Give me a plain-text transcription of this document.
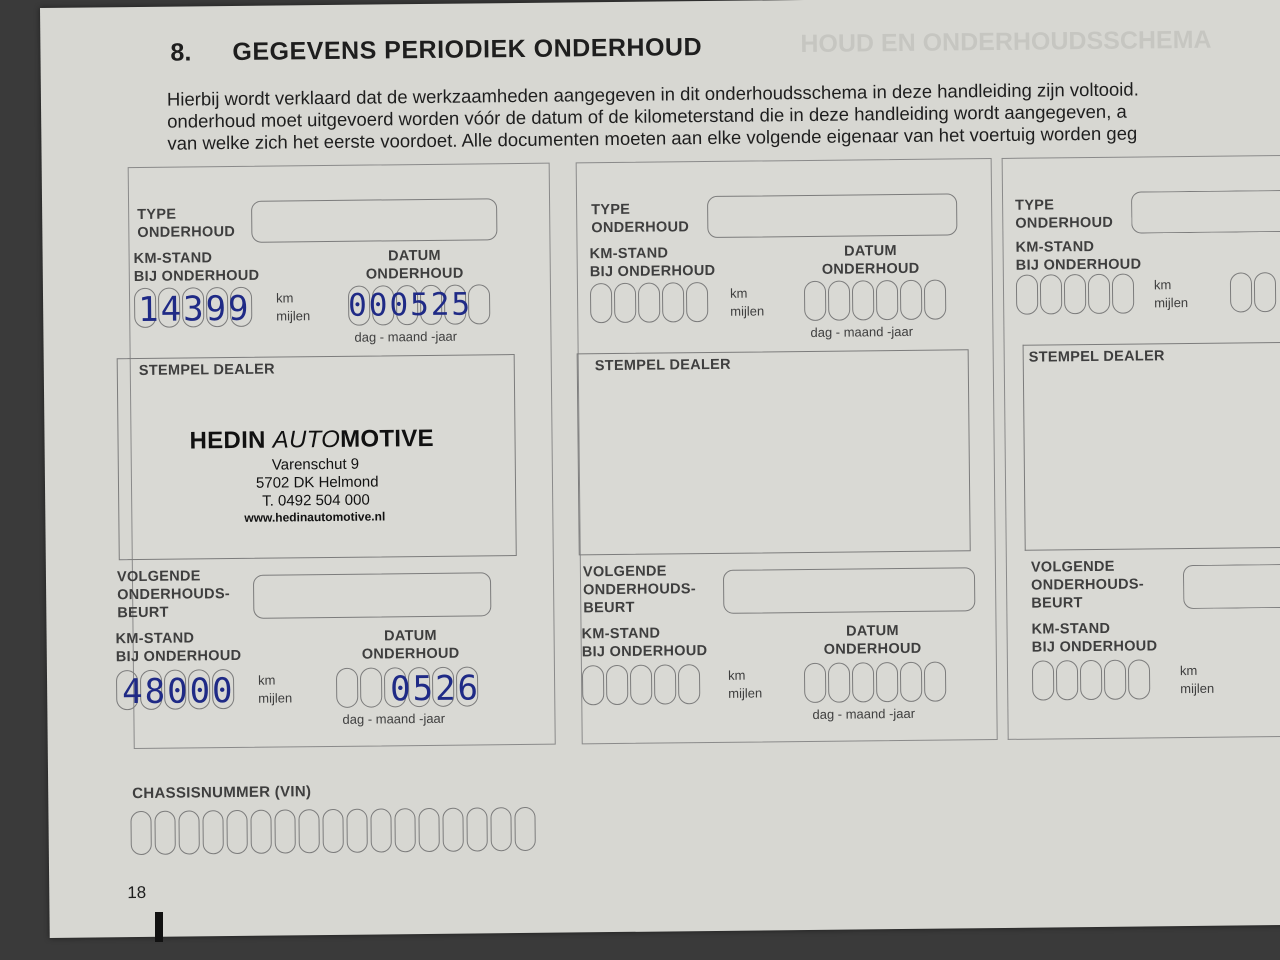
8. GEGEVENS PERIODIEK ONDERHOUD	HOUD EN ONDERHOUDSSCHEMA
Hierbij wordt verklaard dat de werkzaamheden aangegeven in dit onderhoudsschema in deze handleiding zijn voltooid.
onderhoud moet uitgevoerd worden vóór de datum of de kilometerstand die in deze handleiding wordt aangegeven, a
van welke zich het eerste voordoet. Alle documenten moeten aan elke volgende eigenaar van het voertuig worden geg
TYPE
ONDERHOUD
KM-STAND
BIJ ONDERHOUD
DATUM
ONDERHOUD
14399 km
mijlen 000525
dag - maand -jaar
STEMPEL DEALER
HEDIN AUTOMOTIVE
Varenschut 9
5702 DK Helmond
T. 0492 504 000
www.hedinautomotive.nl
VOLGENDE
ONDERHOUDS-
BEURT
KM-STAND
BIJ ONDERHOUD
DATUM
ONDERHOUD
48000 km
mijlen	0526
dag - maand -jaar
TYPE
ONDERHOUD
KM-STAND
BIJ ONDERHOUD
DATUM
ONDERHOUD
km
mijlen
dag - maand -jaar
STEMPEL DEALER
VOLGENDE
ONDERHOUDS-
BEURT
KM-STAND
BIJ ONDERHOUD
DATUM
ONDERHOUD
km
mijlen
dag - maand -jaar
TYPE
ONDERHOUD
KM-STAND
BIJ ONDERHOUD
km
mijlen
STEMPEL DEALER
VOLGENDE
ONDERHOUDS-
BEURT
KM-STAND
BIJ ONDERHOUD
km
mijlen
CHASSISNUMMER (VIN)
18
